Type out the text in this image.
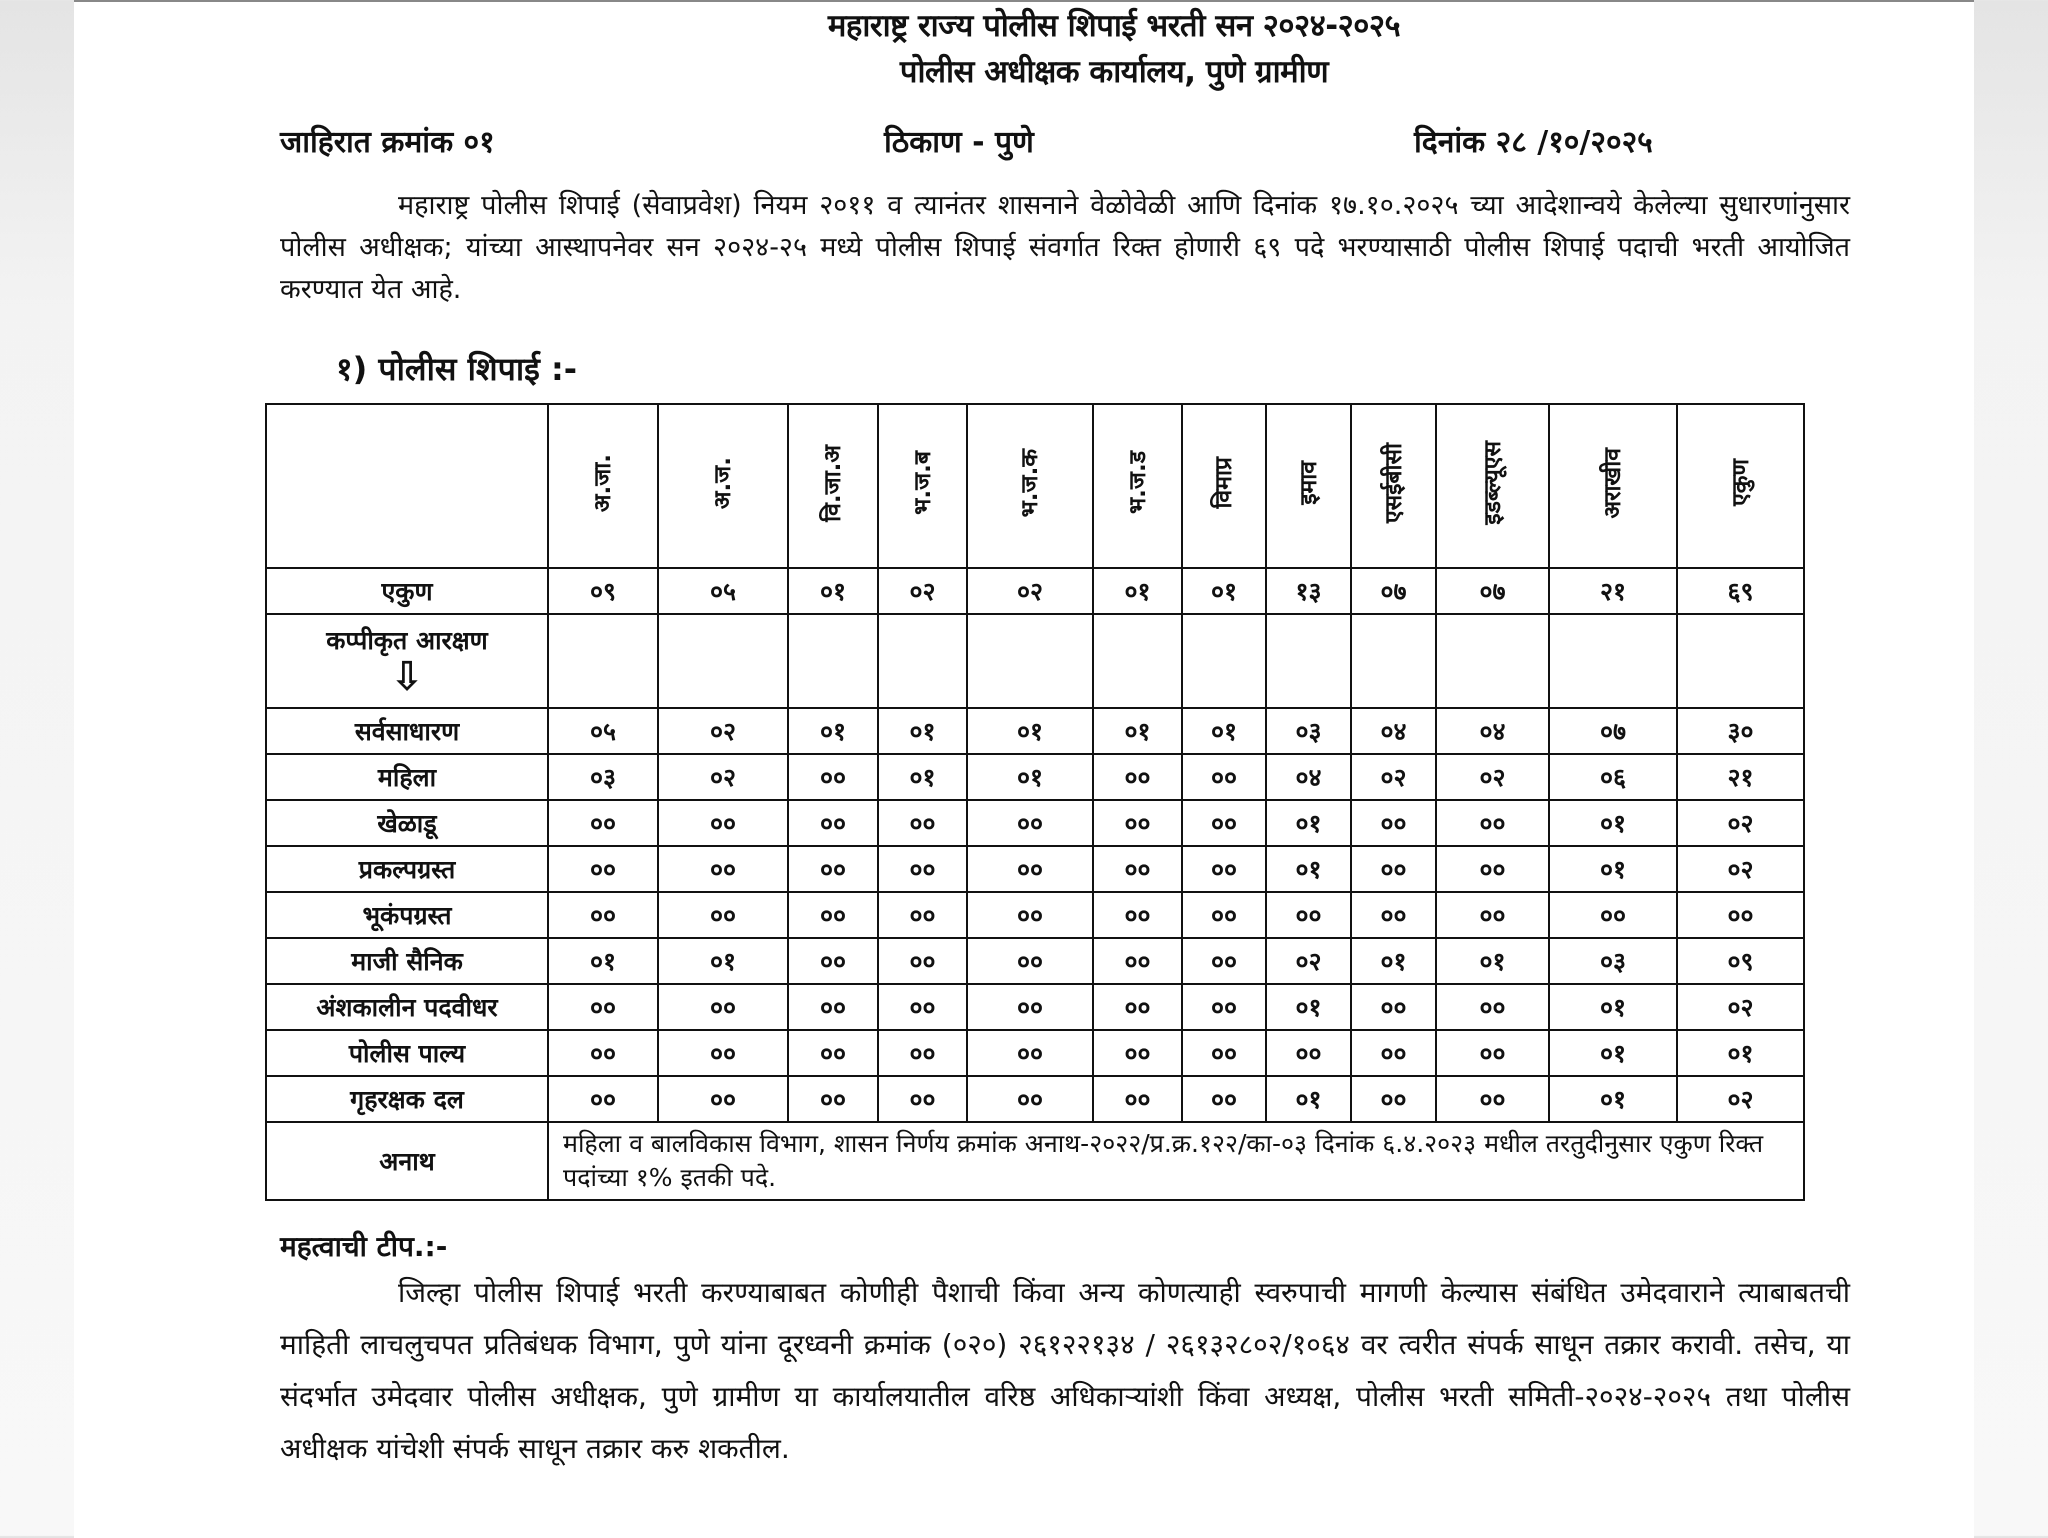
महाराष्ट्र राज्य पोलीस शिपाई भरती सन २०२४-२०२५
पोलीस अधीक्षक कार्यालय, पुणे ग्रामीण
जाहिरात क्रमांक ०१	ठिकाण - पुणे	दिनांक २८ /१०/२०२५
महाराष्ट्र पोलीस शिपाई (सेवाप्रवेश) नियम २०११ व त्यानंतर शासनाने वेळोवेळी आणि दिनांक १७.१०.२०२५ च्या आदेशान्वये केलेल्या सुधारणांनुसार पोलीस अधीक्षक; यांच्या आस्थापनेवर सन २०२४-२५ मध्ये पोलीस शिपाई संवर्गात रिक्त होणारी ६९ पदे भरण्यासाठी पोलीस शिपाई पदाची भरती आयोजित करण्यात येत आहे.
१) पोलीस शिपाई :-
	अ.जा.	अ.ज.	वि.जा.अ	भ.ज.ब	भ.ज.क	भ.ज.ड	विमाप्र	इमाव	एसईबीसी	इडब्ल्यूएस	अराखीव	एकुण
एकुण	०९	०५	०१	०२	०२	०१	०१	१३	०७	०७	२१	६९
कप्पीकृत आरक्षण
⇩												

सर्वसाधारण	०५	०२	०१	०१	०१	०१	०१	०३	०४	०४	०७	३०
महिला	०३	०२	००	०१	०१	००	००	०४	०२	०२	०६	२१
खेळाडू	००	००	००	००	००	००	००	०१	००	००	०१	०२
प्रकल्पग्रस्त	००	००	००	००	००	००	००	०१	००	००	०१	०२
भूकंपग्रस्त	००	००	००	००	००	००	००	००	००	००	००	००
माजी सैनिक	०१	०१	००	००	००	००	००	०२	०१	०१	०३	०९
अंशकालीन पदवीधर	००	००	००	००	००	००	००	०१	००	००	०१	०२
पोलीस पाल्य	००	००	००	००	००	००	००	००	००	००	०१	०१
गृहरक्षक दल	००	००	००	००	००	००	००	०१	००	००	०१	०२
अनाथ	महिला व बालविकास विभाग, शासन निर्णय क्रमांक अनाथ-२०२२/प्र.क्र.१२२/का-०३ दिनांक ६.४.२०२३ मधील तरतुदीनुसार एकुण रिक्त पदांच्या १% इतकी पदे.											
महत्वाची टीप.:-
जिल्हा पोलीस शिपाई भरती करण्याबाबत कोणीही पैशाची किंवा अन्य कोणत्याही स्वरुपाची मागणी केल्यास संबंधित उमेदवाराने त्याबाबतची माहिती लाचलुचपत प्रतिबंधक विभाग, पुणे यांना दूरध्वनी क्रमांक (०२०) २६१२२१३४ / २६१३२८०२/१०६४ वर त्वरीत संपर्क साधून तक्रार करावी. तसेच, या संदर्भात उमेदवार पोलीस अधीक्षक, पुणे ग्रामीण या कार्यालयातील वरिष्ठ अधिकाऱ्यांशी किंवा अध्यक्ष, पोलीस भरती समिती-२०२४-२०२५ तथा पोलीस अधीक्षक यांचेशी संपर्क साधून तक्रार करु शकतील.
